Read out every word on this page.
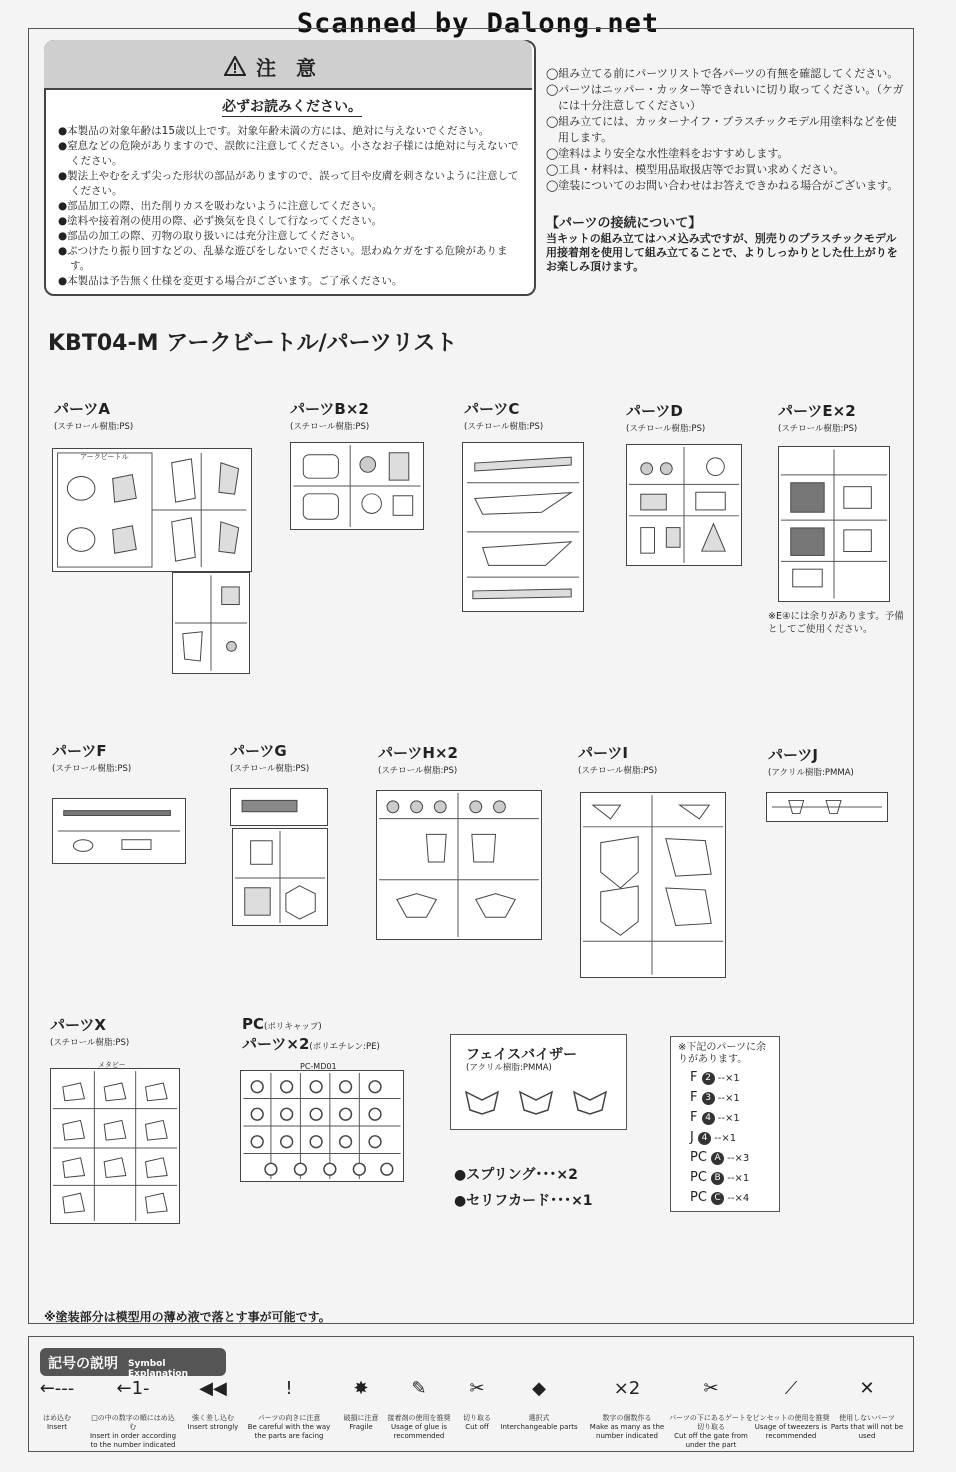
Scanned by Dalong.net
注　意
必ずお読みください。
●本製品の対象年齢は15歳以上です。対象年齢未満の方には、絶対に与えないでください。
●窒息などの危険がありますので、誤飲に注意してください。小さなお子様には絶対に与えないでください。
●製法上やむをえず尖った形状の部品がありますので、誤って目や皮膚を刺さないように注意してください。
●部品加工の際、出た削りカスを吸わないように注意してください。
●塗料や接着剤の使用の際、必ず換気を良くして行なってください。
●部品の加工の際、刃物の取り扱いには充分注意してください。
●ぶつけたり振り回すなどの、乱暴な遊びをしないでください。思わぬケガをする危険があります。
●本製品は予告無く仕様を変更する場合がございます。ご了承ください。
◯組み立てる前にパーツリストで各パーツの有無を確認してください。
◯パーツはニッパー・カッター等できれいに切り取ってください。（ケガには十分注意してください）
◯組み立てには、カッターナイフ・プラスチックモデル用塗料などを使用します。
◯塗料はより安全な水性塗料をおすすめします。
◯工具・材料は、模型用品取扱店等でお買い求めください。
◯塗装についてのお問い合わせはお答えできかねる場合がございます。
【パーツの接続について】
当キットの組み立てはハメ込み式ですが、別売りのプラスチックモデル用接着剤を使用して組み立てることで、よりしっかりとした仕上がりをお楽しみ頂けます。
KBT04-M アークビートル/パーツリスト
パーツA
(スチロール樹脂:PS)
パーツB×2
(スチロール樹脂:PS)
パーツC
(スチロール樹脂:PS)
パーツD
(スチロール樹脂:PS)
パーツE×2
(スチロール樹脂:PS)
※E④には余りがあります。予備としてご使用ください。
パーツF
(スチロール樹脂:PS)
パーツG
(スチロール樹脂:PS)
パーツH×2
(スチロール樹脂:PS)
パーツI
(スチロール樹脂:PS)
パーツJ
(アクリル樹脂:PMMA)
パーツX
(スチロール樹脂:PS)
PC(ポリキャップ)
パーツ×2(ポリエチレン:PE)
アークビートル
メタビー	PC-MD01
フェイスバイザー
(アクリル樹脂:PMMA)
●スプリング･･･×2
●セリフカード･･･×1
※下記のパーツに余りがあります。
F 2 --×1
F 3 --×1
F 4 --×1
J 4 --×1
PC A --×3
PC B --×1
PC C --×4
※塗装部分は模型用の薄め液で落とす事が可能です。
記号の説明 Symbol Explanation
←---
はめ込む
Insert
←1-
□の中の数字の順にはめ込む
Insert in order according to the number indicated
◀◀
強く差し込む
Insert strongly
!
パーツの向きに注意
Be careful with the way the parts are facing
✸
破損に注意
Fragile
✎
接着剤の使用を推奨
Usage of glue is recommended
✂
切り取る
Cut off
◆
選択式
Interchangeable parts
×2
数字の個数作る
Make as many as the number indicated
✂
パーツの下にあるゲートを切り取る
Cut off the gate from under the part
⟋
ピンセットの使用を推奨
Usage of tweezers is recommended
✕
使用しないパーツ
Parts that will not be used
